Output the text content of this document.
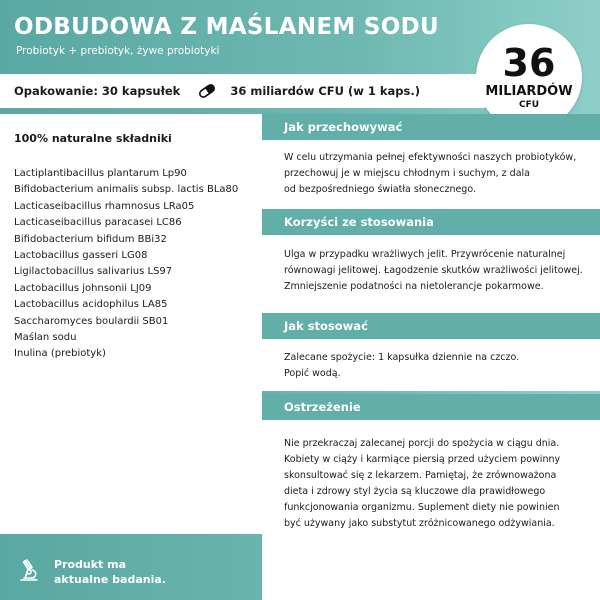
ODBUDOWA Z MAŚLANEM SODU
Probiotyk + prebiotyk, żywe probiotyki	36
MILIARDÓW
CFU
Opakowanie: 30 kapsułek	36 miliardów CFU (w 1 kaps.)
100% naturalne składniki
Lactiplantibacillus plantarum Lp90
Bifidobacterium animalis subsp. lactis BLa80
Lacticaseibacillus rhamnosus LRa05
Lacticaseibacillus paracasei LC86
Bifidobacterium bifidum BBi32
Lactobacillus gasseri LG08
Ligilactobacillus salivarius LS97
Lactobacillus johnsonii LJ09
Lactobacillus acidophilus LA85
Saccharomyces boulardii SB01
Maślan sodu
Inulina (prebiotyk)
Produkt ma aktualne badania.
Jak przechowywać
W celu utrzymania pełnej efektywności naszych probiotyków,
przechowuj je w miejscu chłodnym i suchym, z dala
od bezpośredniego światła słonecznego.
Korzyści ze stosowania
Ulga w przypadku wrażliwych jelit. Przywrócenie naturalnej
równowagi jelitowej. Łagodzenie skutków wrażliwości jelitowej.
Zmniejszenie podatności na nietolerancje pokarmowe.
Jak stosować
Zalecane spożycie: 1 kapsułka dziennie na czczo.
Popić wodą.
Ostrzeżenie
Nie przekraczaj zalecanej porcji do spożycia w ciągu dnia.
Kobiety w ciąży i karmiące piersią przed użyciem powinny
skonsultować się z lekarzem. Pamiętaj, że zrównoważona
dieta i zdrowy styl życia są kluczowe dla prawidłowego
funkcjonowania organizmu. Suplement diety nie powinien
być używany jako substytut zróżnicowanego odżywiania.
